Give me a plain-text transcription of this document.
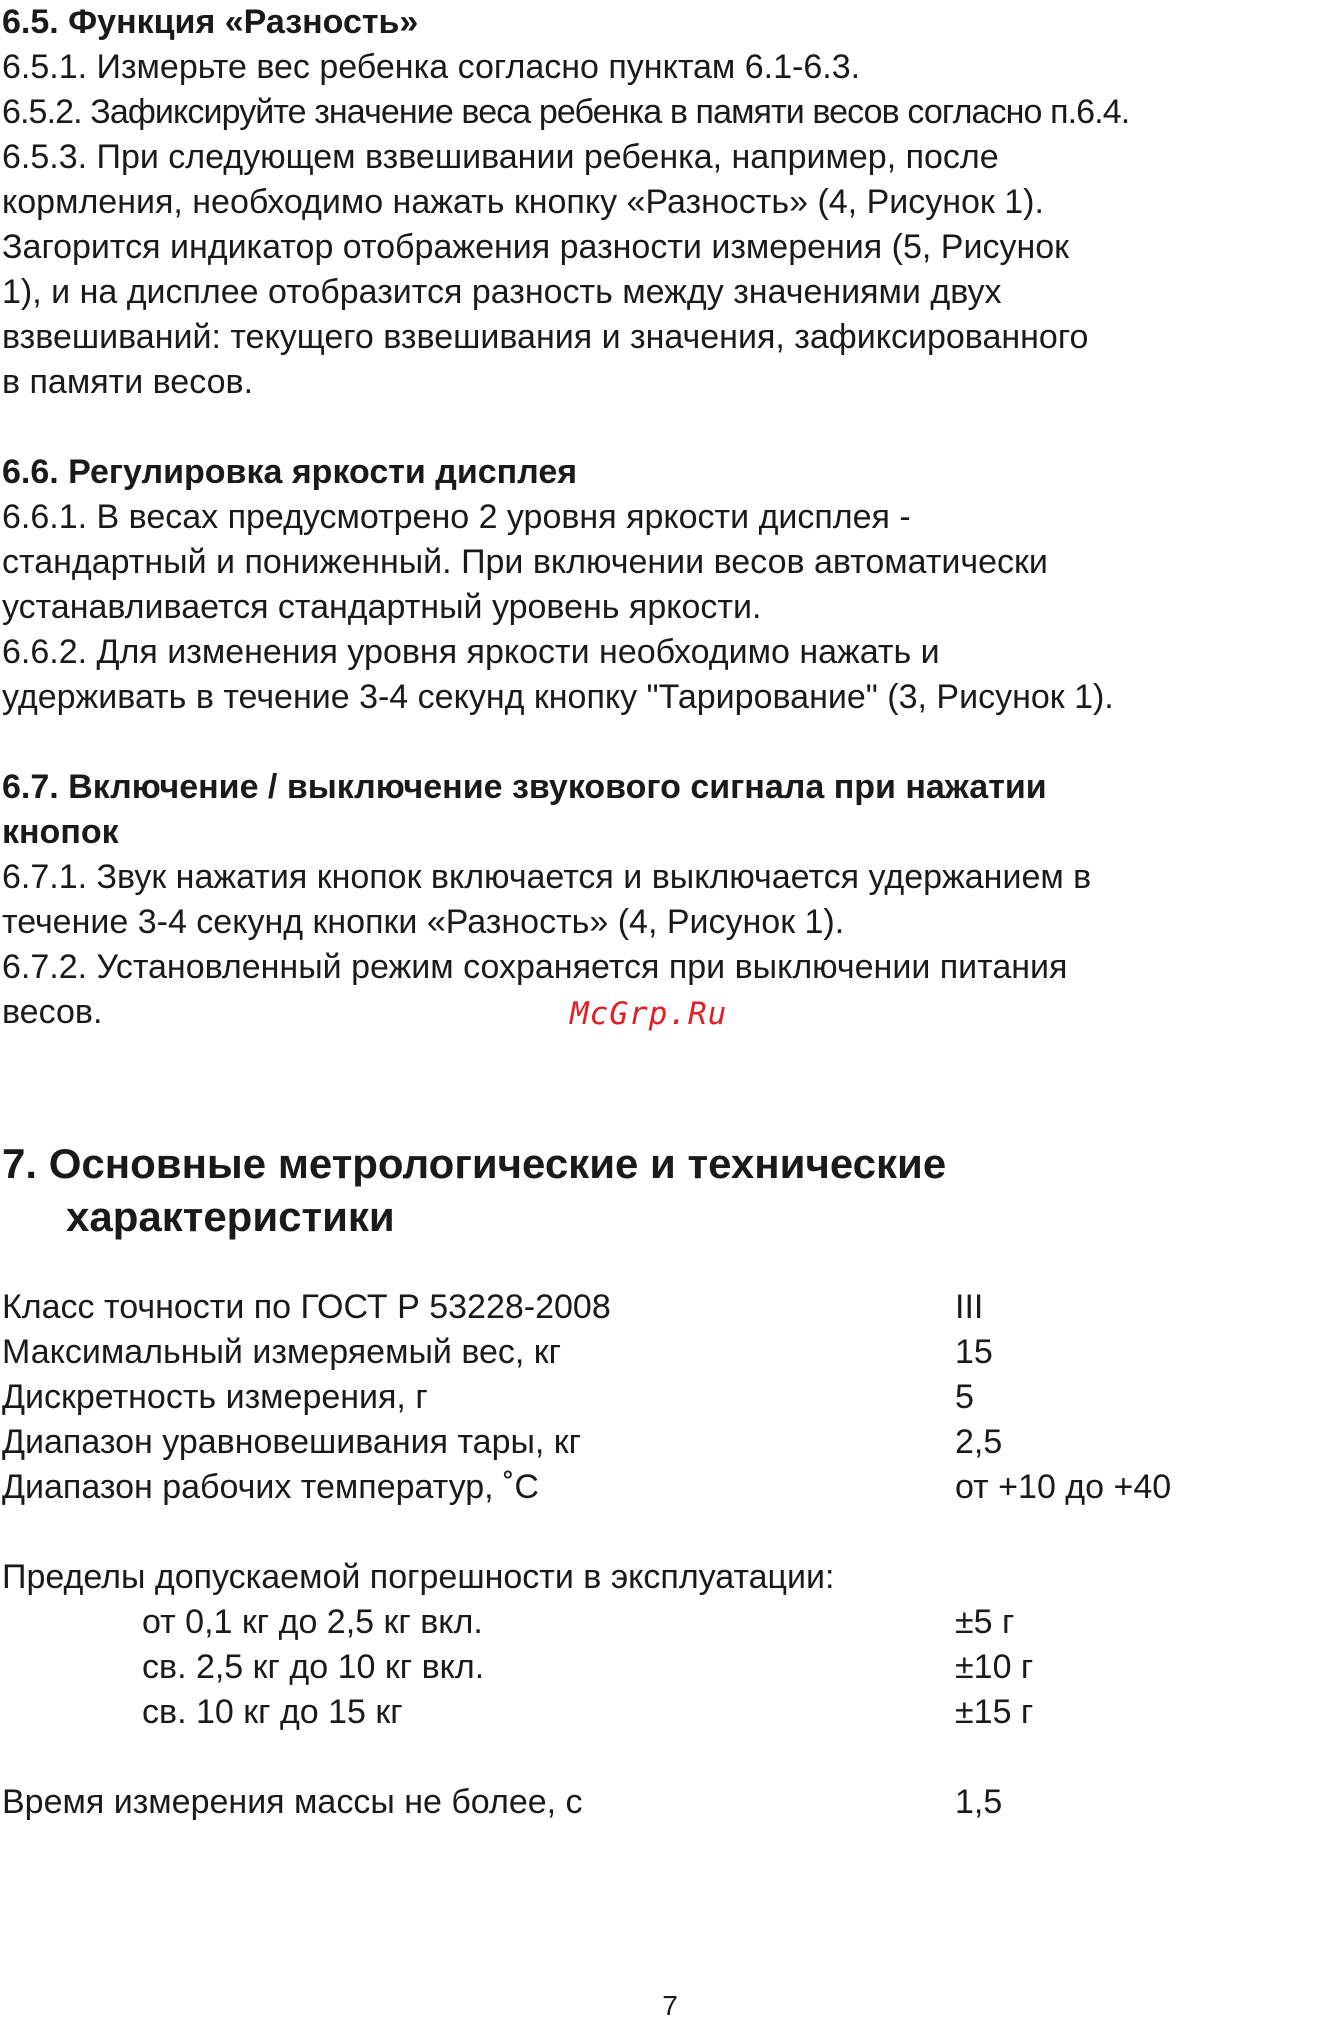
6.5. Функция «Разность»

6.5.1. Измерьте вес ребенка согласно пунктам 6.1-6.3.

6.5.2. Зафиксируйте значение веса ребенка в памяти весов согласно п.6.4.

6.5.3. При следующем взвешивании ребенка, например, после

кормления, необходимо нажать кнопку «Разность» (4, Рисунок 1).

Загорится индикатор отображения разности измерения (5, Рисунок

1), и на дисплее отобразится разность между значениями двух

взвешиваний: текущего взвешивания и значения, зафиксированного

в памяти весов.

6.6. Регулировка яркости дисплея

6.6.1. В весах предусмотрено 2 уровня яркости дисплея -

стандартный и пониженный. При включении весов автоматически

устанавливается стандартный уровень яркости.

6.6.2. Для изменения уровня яркости необходимо нажать и

удерживать в течение 3-4 секунд кнопку "Тарирование" (3, Рисунок 1).

6.7. Включение / выключение звукового сигнала при нажатии

кнопок

6.7.1. Звук нажатия кнопок включается и выключается удержанием в

течение 3-4 секунд кнопки «Разность» (4, Рисунок 1).

6.7.2. Установленный режим сохраняется при выключении питания

весов.

7. Основные метрологические и технические
характеристики

Класс точности по ГОСТ Р 53228-2008	III
Максимальный измеряемый вес, кг	15
Дискретность измерения, г	5
Диапазон уравновешивания тары, кг	2,5
Диапазон рабочих температур, ˚С	от +10 до +40

Пределы допускаемой погрешности в эксплуатации:

от 0,1 кг до 2,5 кг вкл.	±5 г
св. 2,5 кг до 10 кг вкл.	±10 г
св. 10 кг до 15 кг	±15 г
Время измерения массы не более, с	1,5
McGrp.Ru
7
